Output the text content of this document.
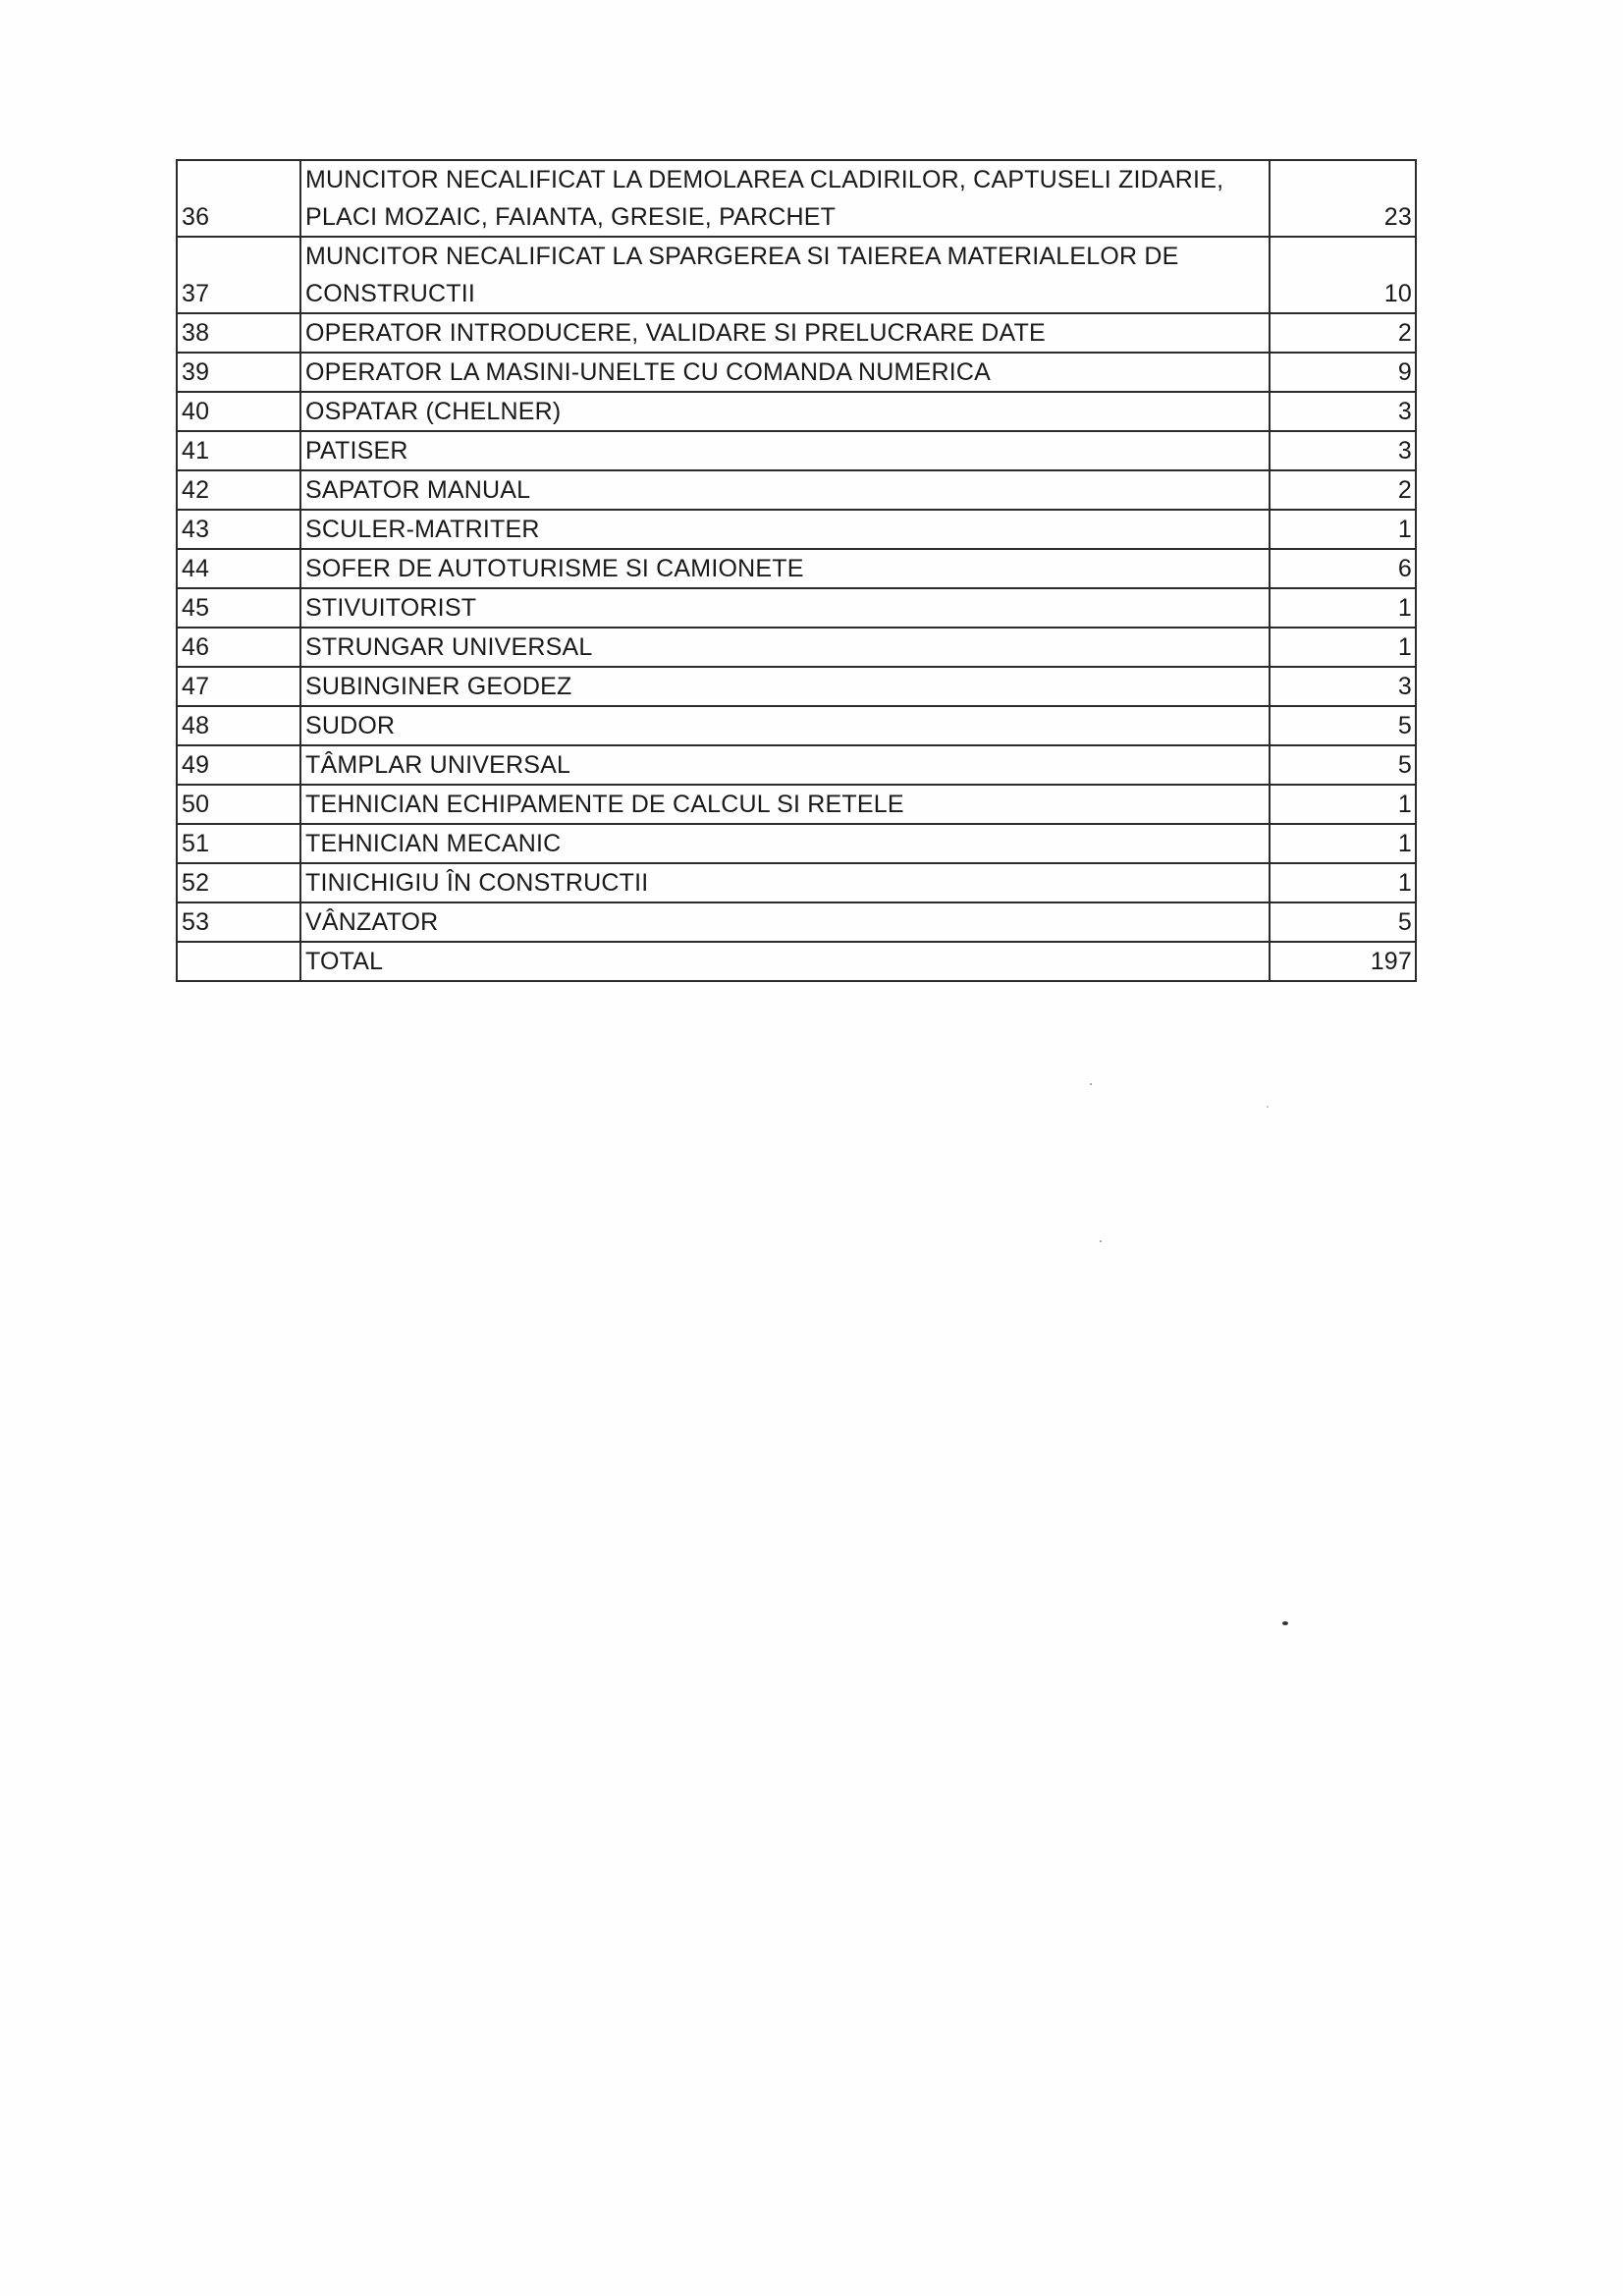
36	MUNCITOR NECALIFICAT LA DEMOLAREA CLADIRILOR, CAPTUSELI ZIDARIE, PLACI MOZAIC, FAIANTA, GRESIE, PARCHET	23
37	MUNCITOR NECALIFICAT LA SPARGEREA SI TAIEREA MATERIALELOR DE CONSTRUCTII	10
38	OPERATOR INTRODUCERE, VALIDARE SI PRELUCRARE DATE	2
39	OPERATOR LA MASINI-UNELTE CU COMANDA NUMERICA	9
40	OSPATAR (CHELNER)	3
41	PATISER	3
42	SAPATOR MANUAL	2
43	SCULER-MATRITER	1
44	SOFER DE AUTOTURISME SI CAMIONETE	6
45	STIVUITORIST	1
46	STRUNGAR UNIVERSAL	1
47	SUBINGINER GEODEZ	3
48	SUDOR	5
49	TÂMPLAR UNIVERSAL	5
50	TEHNICIAN ECHIPAMENTE DE CALCUL SI RETELE	1
51	TEHNICIAN MECANIC	1
52	TINICHIGIU ÎN CONSTRUCTII	1
53	VÂNZATOR	5
	TOTAL	197
